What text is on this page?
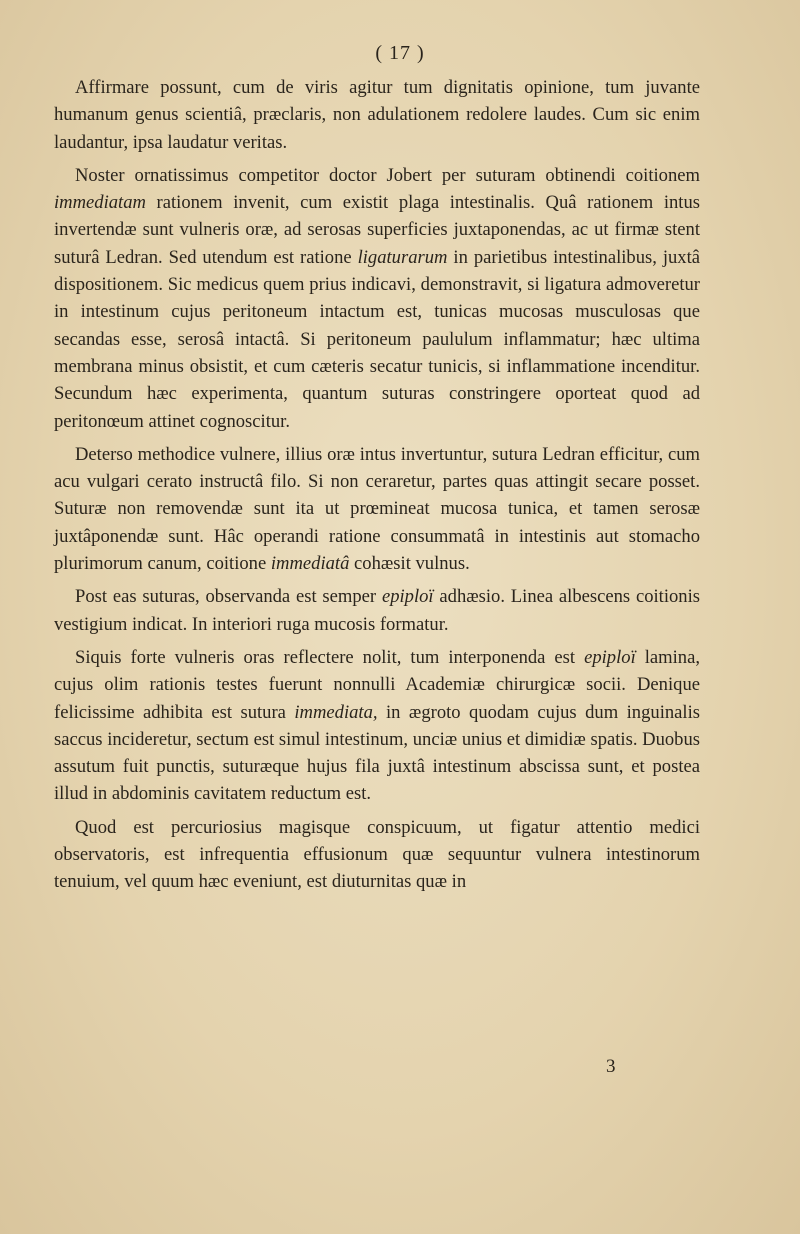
( 17 )

Affirmare possunt, cum de viris agitur tum dignitatis opinione, tum juvante humanum genus scientiâ, præclaris, non adulationem redolere laudes. Cum sic enim laudantur, ipsa laudatur veritas.

Noster ornatissimus competitor doctor Jobert per suturam obtinendi coitionem immediatam rationem invenit, cum existit plaga intestinalis. Quâ rationem intus invertendæ sunt vulneris oræ, ad serosas superficies juxtaponendas, ac ut firmæ stent suturâ Ledran. Sed utendum est ratione ligaturarum in parietibus intestinalibus, juxtâ dispositionem. Sic medicus quem prius indicavi, demonstravit, si ligatura admoveretur in intestinum cujus peritoneum intactum est, tunicas mucosas musculosas que secandas esse, serosâ intactâ. Si peritoneum paululum inflammatur; hæc ultima membrana minus obsistit, et cum cæteris secatur tunicis, si inflammatione incenditur. Secundum hæc experimenta, quantum suturas constringere oporteat quod ad peritonœum attinet cognoscitur.

Deterso methodice vulnere, illius oræ intus invertuntur, sutura Ledran efficitur, cum acu vulgari cerato instructâ filo. Si non ceraretur, partes quas attingit secare posset. Suturæ non removendæ sunt ita ut prœmineat mucosa tunica, et tamen serosæ juxtâponendæ sunt. Hâc operandi ratione consummatâ in intestinis aut stomacho plurimorum canum, coitione immediatâ cohæsit vulnus.

Post eas suturas, observanda est semper epiploï adhæsio. Linea albescens coitionis vestigium indicat. In interiori ruga mucosis formatur.

Siquis forte vulneris oras reflectere nolit, tum interponenda est epiploï lamina, cujus olim rationis testes fuerunt nonnulli Academiæ chirurgicæ socii. Denique felicissime adhibita est sutura immediata, in ægroto quodam cujus dum inguinalis saccus incideretur, sectum est simul intestinum, unciæ unius et dimidiæ spatis. Duobus assutum fuit punctis, suturæque hujus fila juxtâ intestinum abscissa sunt, et postea illud in abdominis cavitatem reductum est.

Quod est percuriosius magisque conspicuum, ut figatur attentio medici observatoris, est infrequentia effusionum quæ sequuntur vulnera intestinorum tenuium, vel quum hæc eveniunt, est diuturnitas quæ in

3
